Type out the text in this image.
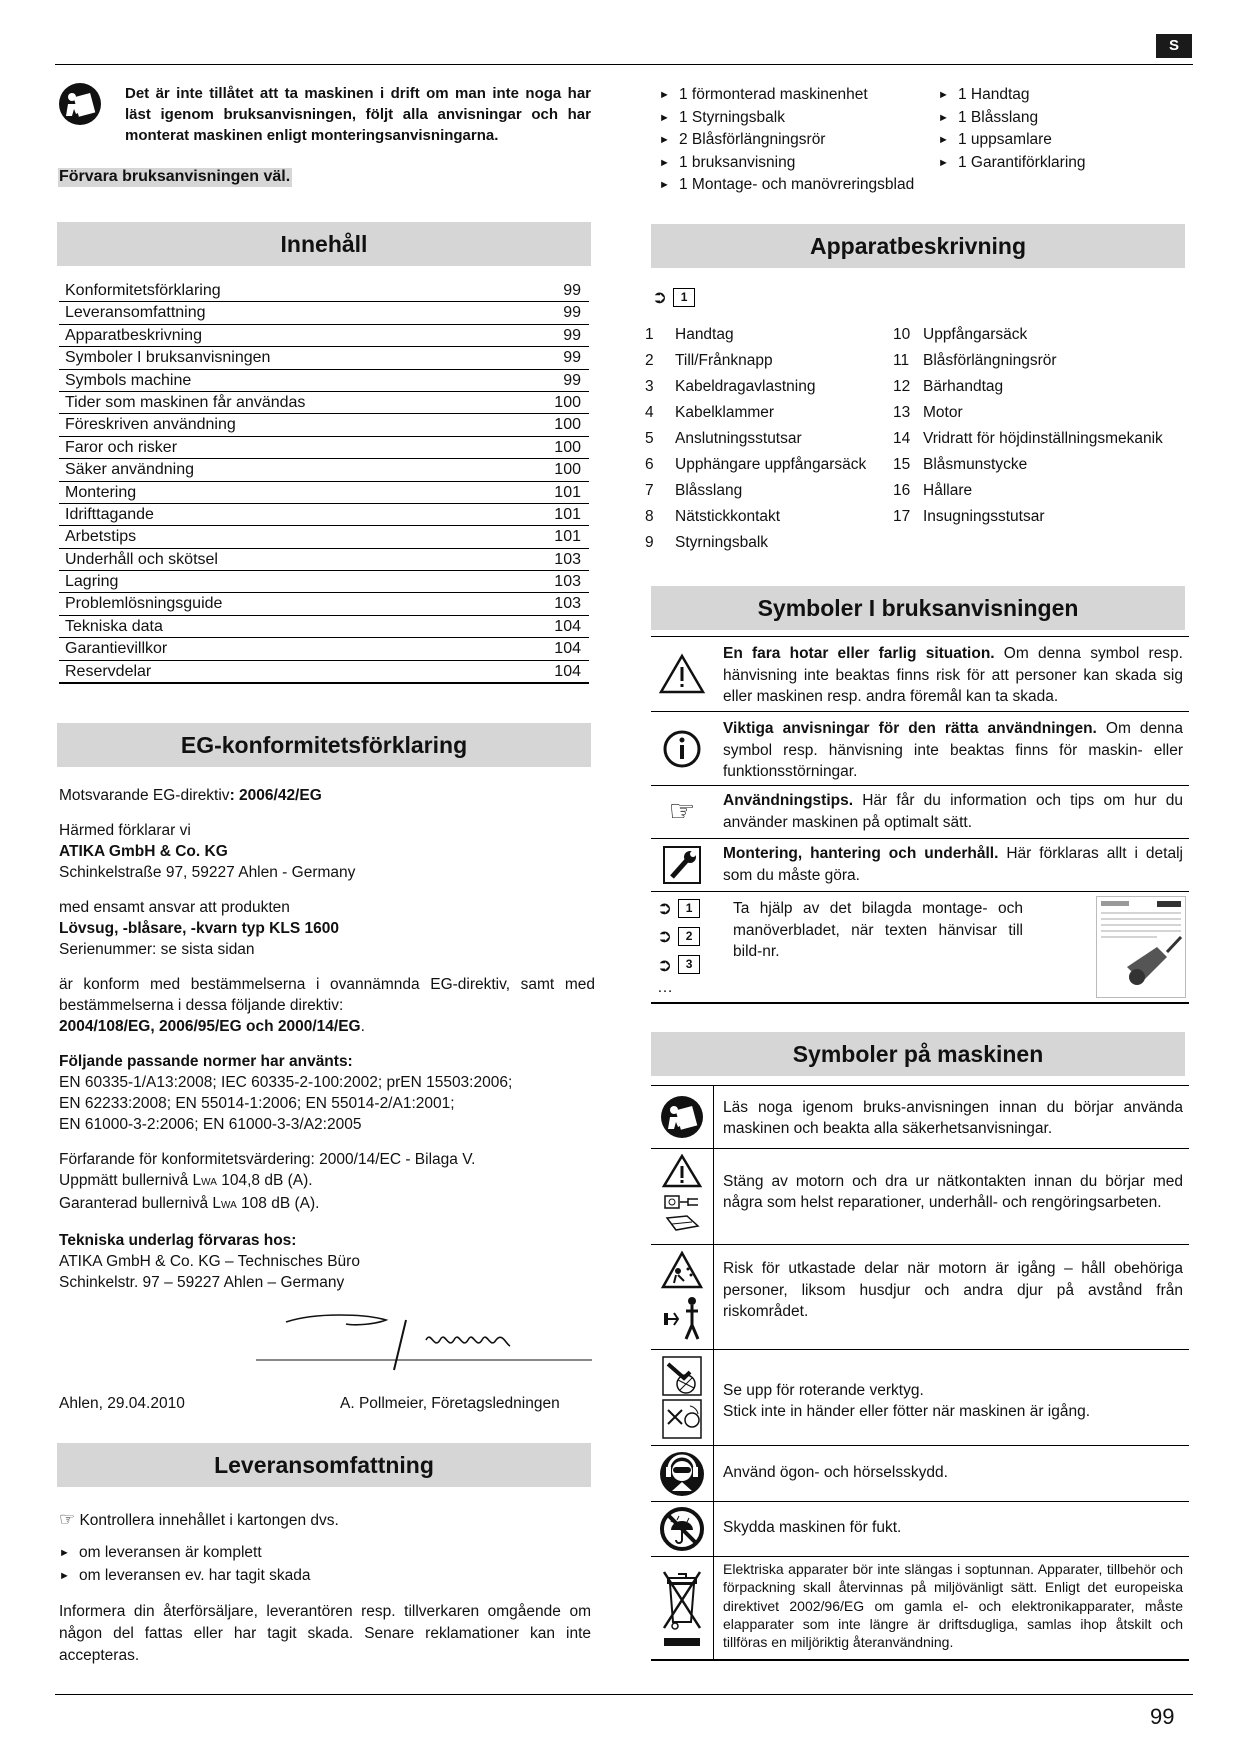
S

Det är inte tillåtet att ta maskinen i drift om man inte noga har läst igenom bruksanvisningen, följt alla anvisningar och har monterat maskinen enligt monteringsanvisningarna.

Förvara bruksanvisningen väl.

Innehåll
Konformitetsförklaring	99
Leveransomfattning	99
Apparatbeskrivning	99
Symboler I bruksanvisningen	99
Symbols machine	99
Tider som maskinen får användas	100
Föreskriven användning	100
Faror och risker	100
Säker användning	100
Montering	101
Idrifttagande	101
Arbetstips	101
Underhåll och skötsel	103
Lagring	103
Problemlösningsguide	103
Tekniska data	104
Garantievillkor	104
Reservdelar	104
EG-konformitetsförklaring

Motsvarande EG-direktiv: 2006/42/EG

Härmed förklarar vi

ATIKA GmbH & Co. KG

Schinkelstraße 97, 59227 Ahlen - Germany

med ensamt ansvar att produkten

Lövsug, -blåsare, -kvarn typ KLS 1600

Serienummer: se sista sidan

är konform med bestämmelserna i ovannämnda EG-direktiv, samt med bestämmelserna i dessa följande direktiv:

2004/108/EG, 2006/95/EG och 2000/14/EG.

Följande passande normer har använts:

EN 60335-1/A13:2008; IEC 60335-2-100:2002; prEN 15503:2006;

EN 62233:2008; EN 55014-1:2006; EN 55014-2/A1:2001;

EN 61000-3-2:2006; EN 61000-3-3/A2:2005

Förfarande för konformitetsvärdering: 2000/14/EC - Bilaga V.

Uppmätt bullernivå LWA 104,8 dB (A).

Garanterad bullernivå LWA 108 dB (A).

Tekniska underlag förvaras hos:

ATIKA GmbH & Co. KG – Technisches Büro

Schinkelstr. 97 – 59227 Ahlen – Germany

Ahlen, 29.04.2010	A. Pollmeier, Företagsledningen

Leveransomfattning

☞ Kontrollera innehållet i kartongen dvs.

► om leveransen är komplett
► om leveransen ev. har tagit skada

Informera din återförsäljare, leverantören resp. tillverkaren omgående om någon del fattas eller har tagit skada. Senare reklamationer kan inte accepteras.

► 1 förmonterad maskinenhet
► 1 Styrningsbalk
► 2 Blåsförlängningsrör
► 1 bruksanvisning
► 1 Montage- och manövreringsblad
► 1 Handtag
► 1 Blåsslang
► 1 uppsamlare
► 1 Garantiförklaring
Apparatbeskrivning

➲ 1

1	Handtag
2	Till/Frånknapp
3	Kabeldragavlastning
4	Kabelklammer
5	Anslutningsstutsar
6	Upphängare uppfångarsäck
7	Blåsslang
8	Nätstickkontakt
9	Styrningsbalk
10 Uppfångarsäck
11 Blåsförlängningsrör
12 Bärhandtag
13 Motor
14 Vridratt för höjdinställningsmekanik
15 Blåsmunstycke
16 Hållare
17 Insugningsstutsar
Symboler I bruksanvisningen

En fara hotar eller farlig situation. Om denna symbol resp. hänvisning inte beaktas finns risk för att personer kan skada sig eller maskinen resp. andra föremål kan ta skada.

Viktiga anvisningar för den rätta användningen. Om denna symbol resp. hänvisning inte beaktas finns för maskin- eller funktionsstörningar.

☞	Användningstips. Här får du information och tips om hur du använder maskinen på optimalt sätt.

Montering, hantering och underhåll. Här förklaras allt i detalj som du måste göra.

➲ 1

➲ 2

➲ 3

…

Ta hjälp av det bilagda montage- och manöverbladet, när texten hänvisar till bild-nr.

Symboler på maskinen

Läs noga igenom bruks-anvisningen innan du börjar använda maskinen och beakta alla säkerhetsanvisningar.

Stäng av motorn och dra ur nätkontakten innan du börjar med några som helst reparationer, underhåll- och rengöringsarbeten.

Risk för utkastade delar när motorn är igång – håll obehöriga personer, liksom husdjur och andra djur på avstånd från riskområdet.

Se upp för roterande verktyg.

Stick inte in händer eller fötter när maskinen är igång.

Använd ögon- och hörselsskydd.

Skydda maskinen för fukt.

Elektriska apparater bör inte slängas i soptunnan. Apparater, tillbehör och förpackning skall återvinnas på miljövänligt sätt. Enligt det europeiska direktivet 2002/96/EG om gamla el- och elektronikapparater, måste elapparater som inte längre är driftsdugliga, samlas ihop åtskilt och tillföras en miljöriktig återanvändning.

99
